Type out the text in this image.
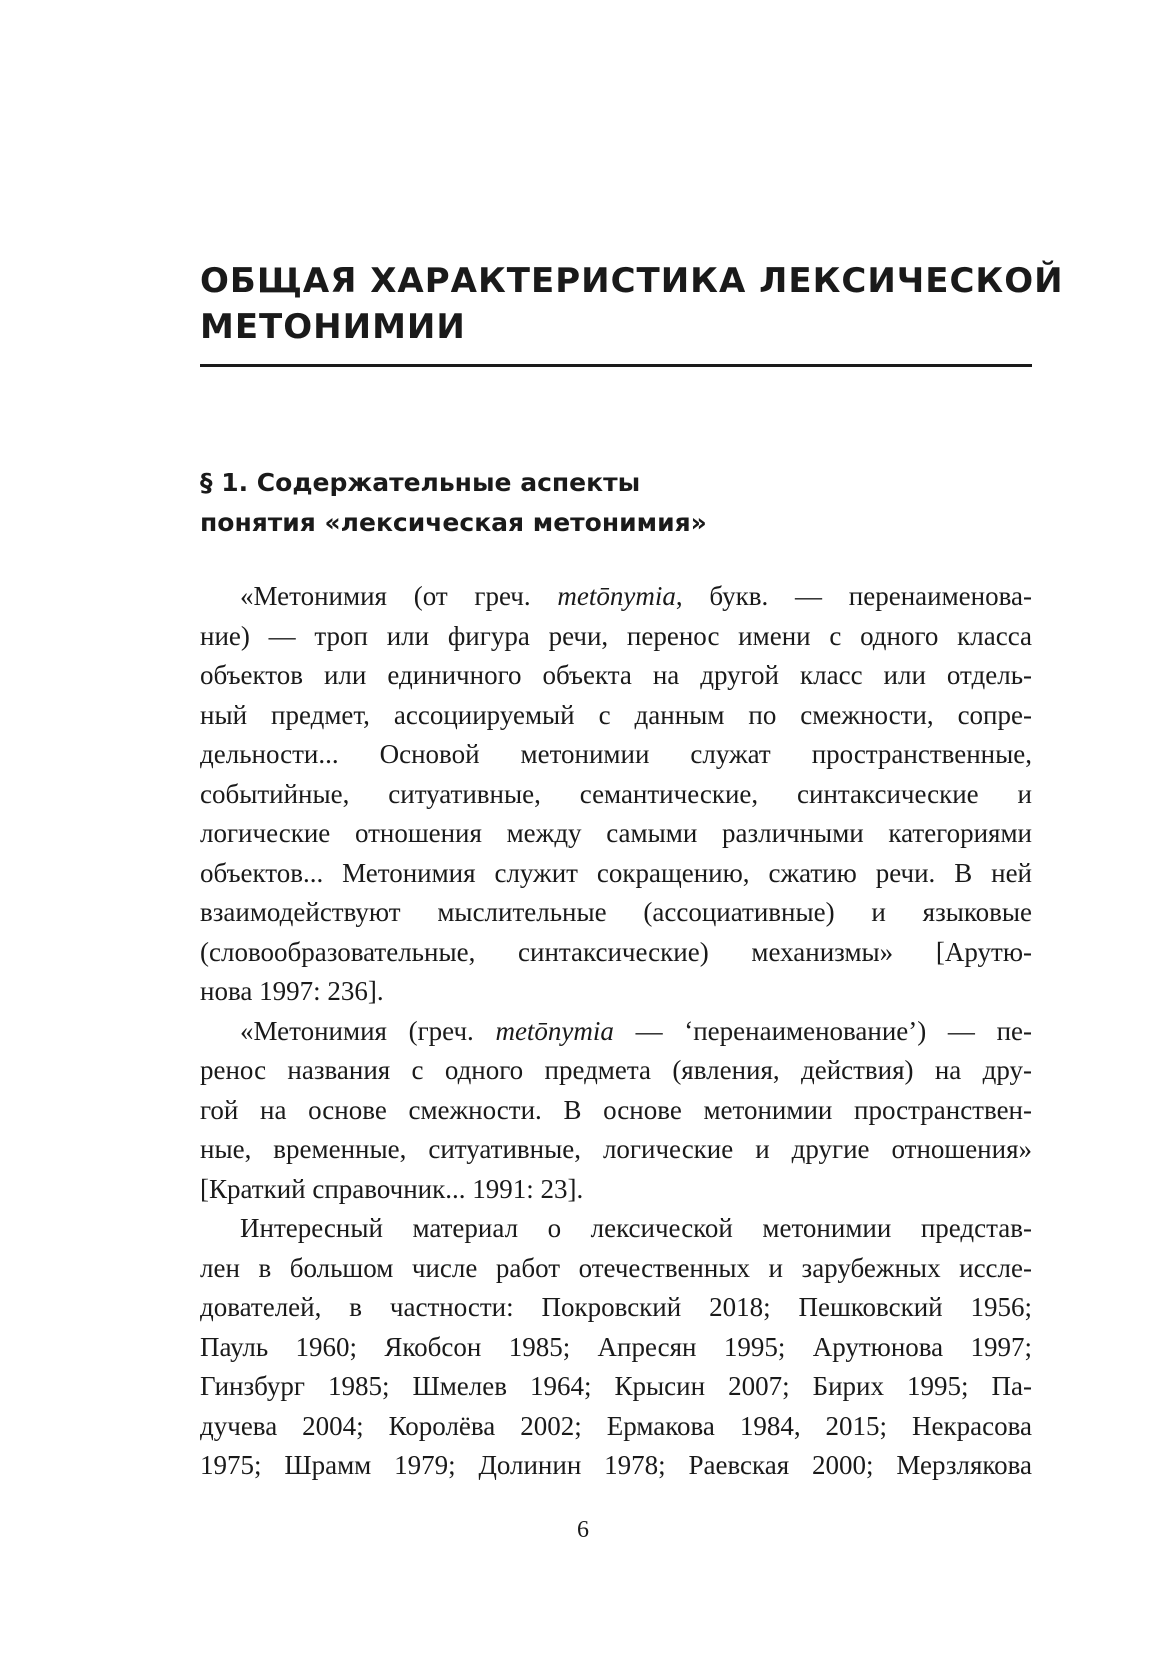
ОБЩАЯ ХАРАКТЕРИСТИКА ЛЕКСИЧЕСКОЙ
МЕТОНИМИИ
§ 1. Содержательные аспекты
понятия «лексическая метонимия»

«Метонимия (от греч. metōnymia, букв. — перенаименова-
ние) — троп или фигура речи, перенос имени с одного класса
объектов или единичного объекта на другой класс или отдель-
ный предмет, ассоциируемый с данным по смежности, сопре-
дельности... Основой метонимии служат пространственные,
событийные, ситуативные, семантические, синтаксические и
логические отношения между самыми различными категориями
объектов... Метонимия служит сокращению, сжатию речи. В ней
взаимодействуют мыслительные (ассоциативные) и языковые
(словообразовательные, синтаксические) механизмы» [Арутю-
нова 1997: 236].

«Метонимия (греч. metōnymia — ‘перенаименование’) — пе-
ренос названия с одного предмета (явления, действия) на дру-
гой на основе смежности. В основе метонимии пространствен-
ные, временные, ситуативные, логические и другие отношения»
[Краткий справочник... 1991: 23].

Интересный материал о лексической метонимии представ-
лен в большом числе работ отечественных и зарубежных иссле-
дователей, в частности: Покровский 2018; Пешковский 1956;
Пауль 1960; Якобсон 1985; Апресян 1995; Арутюнова 1997;
Гинзбург 1985; Шмелев 1964; Крысин 2007; Бирих 1995; Па-
дучева 2004; Королёва 2002; Ермакова 1984, 2015; Некрасова
1975; Шрамм 1979; Долинин 1978; Раевская 2000; Мерзлякова

6
